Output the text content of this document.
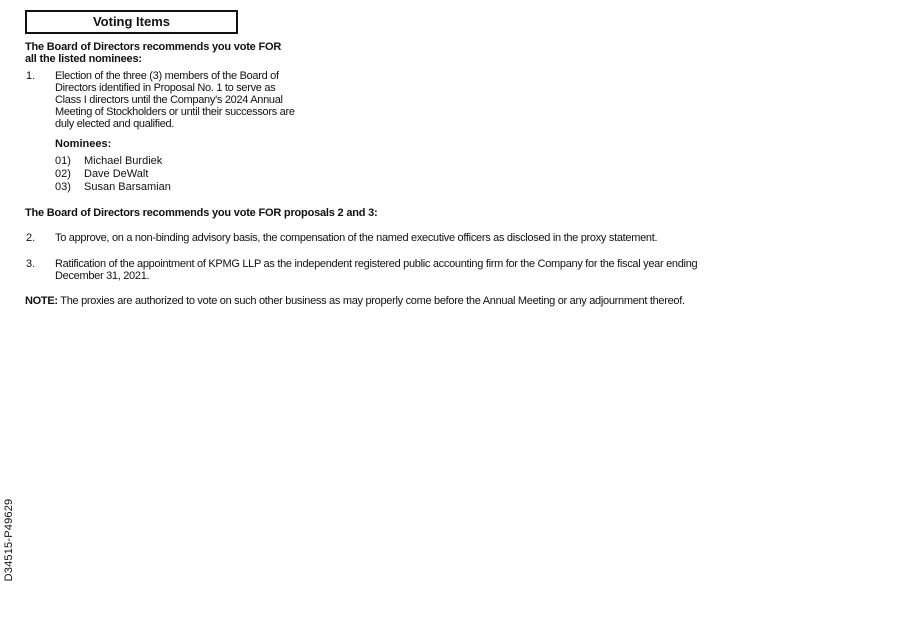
Voting Items
The Board of Directors recommends you vote FOR all the listed nominees:
1. Election of the three (3) members of the Board of Directors identified in Proposal No. 1 to serve as Class I directors until the Company's 2024 Annual Meeting of Stockholders or until their successors are duly elected and qualified.
Nominees:
01) Michael Burdiek
02) Dave DeWalt
03) Susan Barsamian
The Board of Directors recommends you vote FOR proposals 2 and 3:
2. To approve, on a non-binding advisory basis, the compensation of the named executive officers as disclosed in the proxy statement.
3. Ratification of the appointment of KPMG LLP as the independent registered public accounting firm for the Company for the fiscal year ending December 31, 2021.
NOTE: The proxies are authorized to vote on such other business as may properly come before the Annual Meeting or any adjournment thereof.
D34515-P49629
